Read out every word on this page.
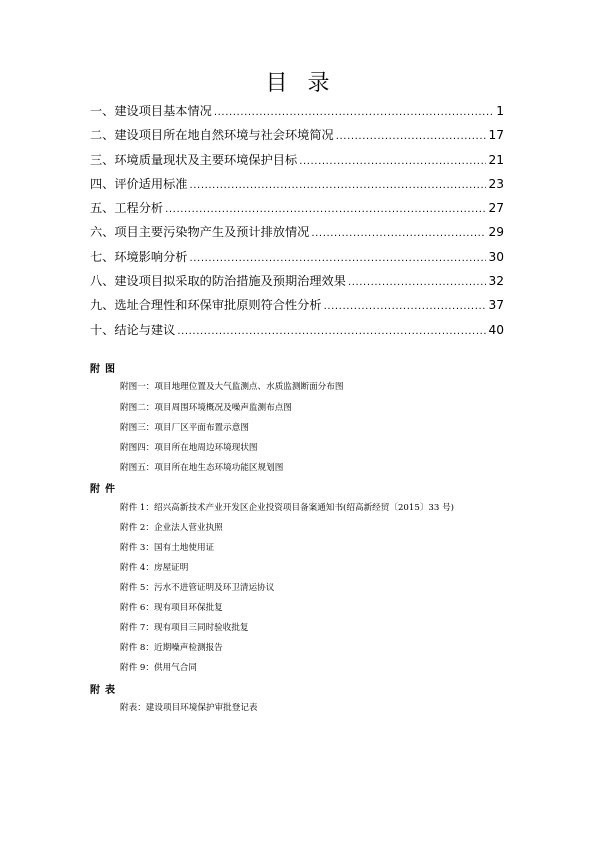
目录
一、建设项目基本情况 .....	1
二、建设项目所在地自然环境与社会环境简况 .....	17
三、环境质量现状及主要环境保护目标 .....	21
四、评价适用标准 .....	23
五、工程分析 .....	27
六、项目主要污染物产生及预计排放情况 .....	29
七、环境影响分析 .....	30
八、建设项目拟采取的防治措施及预期治理效果 .....	32
九、选址合理性和环保审批原则符合性分析 .....	37
十、结论与建议 .....	40
附图
附图一：项目地理位置及大气监测点、水质监测断面分布图
附图二：项目周围环境概况及噪声监测布点图
附图三：项目厂区平面布置示意图
附图四：项目所在地周边环境现状图
附图五：项目所在地生态环境功能区规划图
附件
附件 1：绍兴高新技术产业开发区企业投资项目备案通知书(绍高新经贸〔2015〕33 号)
附件 2：企业法人营业执照
附件 3：国有土地使用证
附件 4：房屋证明
附件 5：污水不进管证明及环卫清运协议
附件 6：现有项目环保批复
附件 7：现有项目三同时验收批复
附件 8：近期噪声检测报告
附件 9：供用气合同
附表
附表：建设项目环境保护审批登记表
